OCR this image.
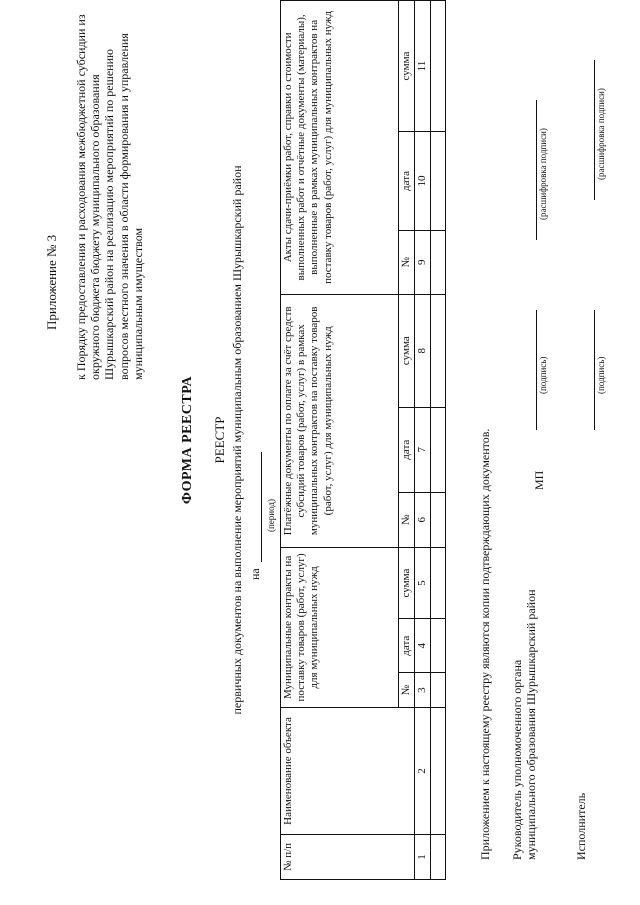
Приложение № 3 к Порядку предоставления и расходования межбюджетной субсидии из окружного бюджета бюджету муниципального образования Шурышкарский район на реализацию мероприятий по решению вопросов местного значения в области формирования и управления муниципальным имуществом
ФОРМА РЕЕСТРА РЕЕСТР первичных документов на выполнение мероприятий муниципальным образованием Шурышкарский район на
(период)
№ п/п	Наименование объекта	Муниципальные контракты на поставку товаров (работ, услуг) для муниципальных нужд			Платёжные документы по оплате за счёт средств субсидий товаров (работ, услуг) в рамках муниципальных контрактов на поставку товаров (работ, услуг) для муниципальных нужд			Акты сдачи-приёмки работ, справки о стоимости выполненных работ и отчётные документы (материалы), выполненные в рамках муниципальных контрактов на поставку товаров (работ, услуг) для муниципальных нужд		
		№	дата	сумма	№	дата	сумма	№	дата	сумма
1	2	3	4	5	6	7	8	9	10	11

Приложением к настоящему реестру являются копии подтверждающих документов. Руководитель уполномоченного органа муниципального образования Шурышкарский район
(подпись)
(расшифровка подписи)
МП
Исполнитель
(подпись)
(расшифровка подписи)
